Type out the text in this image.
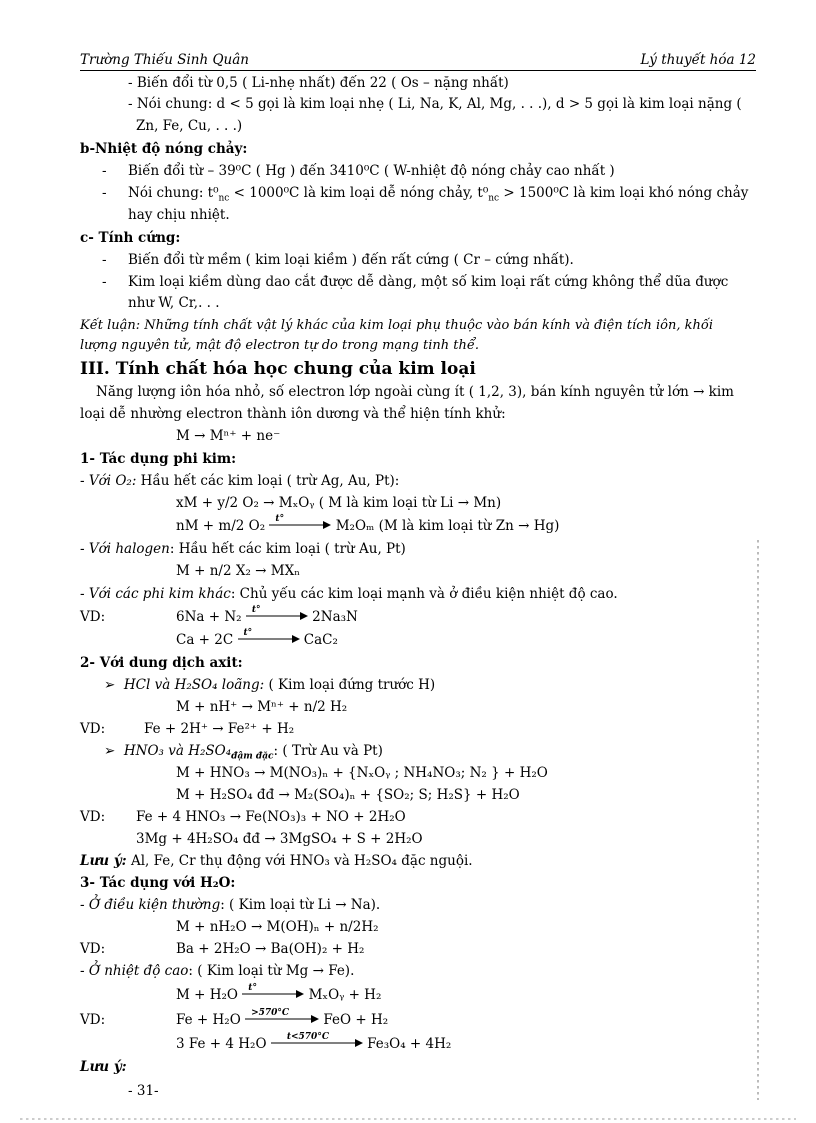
Trường Thiếu Sinh Quân	Lý thuyết hóa 12
- Biến đổi từ 0,5 ( Li-nhẹ nhất) đến 22 ( Os – nặng nhất)
- Nói chung: d < 5 gọi là kim loại nhẹ ( Li, Na, K, Al, Mg, . . .), d > 5 gọi là kim loại nặng (
Zn, Fe, Cu, . . .)
b-Nhiệt độ nóng chảy:
- Biến đổi từ – 39⁰C ( Hg ) đến 3410⁰C ( W-nhiệt độ nóng chảy cao nhất )
- Nói chung: $t^0_{nc} < 1000^0C$ là kim loại dễ nóng chảy, $t^0_{nc} > 1500^0C$ là kim loại khó nóng chảy
hay chịu nhiệt.
c- Tính cứng:
- Biến đổi từ mềm ( kim loại kiềm ) đến rất cứng ( Cr – cứng nhất).
- Kim loại kiềm dùng dao cắt được dễ dàng, một số kim loại rất cứng không thể dũa được
như W, Cr,. . .
Kết luận: Những tính chất vật lý khác của kim loại phụ thuộc vào bán kính và điện tích iôn, khối
lượng nguyên tử, mật độ electron tự do trong mạng tinh thể.
III. Tính chất hóa học chung của kim loại
Năng lượng iôn hóa nhỏ, số electron lớp ngoài cùng ít ( 1,2, 3), bán kính nguyên tử lớn → kim
loại dễ nhường electron thành iôn dương và thể hiện tính khử:
M → Mⁿ⁺ + ne⁻
1- Tác dụng phi kim:
- Với O₂: Hầu hết các kim loại ( trừ Ag, Au, Pt):
xM + y/2 O₂ → MₓOᵧ ( M là kim loại từ Li → Mn)
nM + m/2 O₂ t°	M₂Oₘ (M là kim loại từ Zn → Hg)
- Với halogen: Hầu hết các kim loại ( trừ Au, Pt)
M + n/2 X₂ → MXₙ
- Với các phi kim khác: Chủ yếu các kim loại mạnh và ở điều kiện nhiệt độ cao.
VD:	6Na + N₂ t°	2Na₃N
Ca + 2C t°	CaC₂
2- Với dung dịch axit:
➢  HCl và H₂SO₄ loãng: ( Kim loại đứng trước H)
M + nH⁺ → Mⁿ⁺ + n/2 H₂
VD:	Fe + 2H⁺ → Fe²⁺ + H₂
➢  HNO₃ và $H_2SO_4_{đậm đặc}$: ( Trừ Au và Pt)
M + HNO₃ → M(NO₃)ₙ + {NₓOᵧ ; NH₄NO₃; N₂ } + H₂O
M + H₂SO₄ đđ → M₂(SO₄)ₙ + {SO₂; S; H₂S} + H₂O
VD: Fe + 4 HNO₃ → Fe(NO₃)₃ + NO + 2H₂O
3Mg + 4H₂SO₄ đđ → 3MgSO₄ + S + 2H₂O
Lưu ý: Al, Fe, Cr thụ động với HNO₃ và H₂SO₄ đặc nguội.
3- Tác dụng với H₂O:
- Ở điều kiện thường: ( Kim loại từ Li → Na).
M + nH₂O → M(OH)ₙ + n/2H₂
VD:	Ba + 2H₂O → Ba(OH)₂ + H₂
- Ở nhiệt độ cao: ( Kim loại từ Mg → Fe).
M + H₂O t°	MₓOᵧ + H₂
VD:	Fe + H₂O >570°C	FeO + H₂
3 Fe + 4 H₂O t<570°C	Fe₃O₄ + 4H₂
Lưu ý:
- 31-
